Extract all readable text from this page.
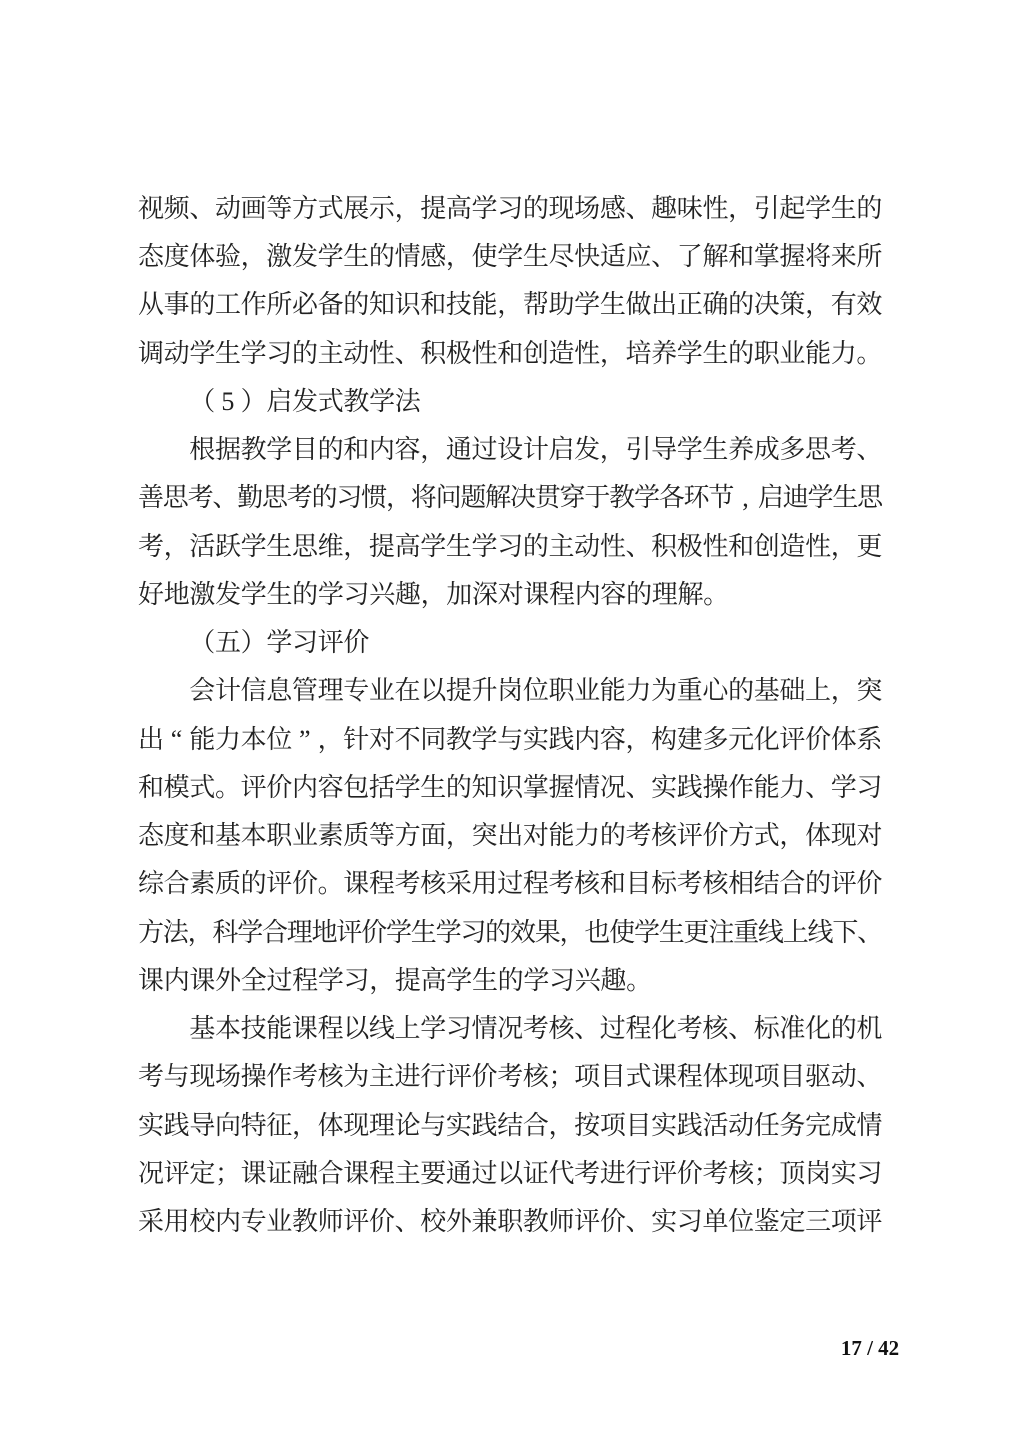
视 频 、 动 画 等 方 式 展 示 ， 提 高 学 习 的 现 场 感 、 趣 味 性 ， 引 起 学 生 的
态 度 体 验 ， 激 发 学 生 的 情 感 ， 使 学 生 尽 快 适 应 、 了 解 和 掌 握 将 来 所
从 事 的 工 作 所 必 备 的 知 识 和 技 能 ， 帮 助 学 生 做 出 正 确 的 决 策 ， 有 效
调 动 学 生 学 习 的 主 动 性 、 积 极 性 和 创 造 性 ， 培 养 学 生 的 职 业 能 力 。
（ 5 ） 启 发 式 教 学 法
根 据 教 学 目 的 和 内 容 ， 通 过 设 计 启 发 ， 引 导 学 生 养 成 多 思 考 、
善
思
考
、
勤
思
考
的
习
惯
，
将
问
题
解
决
贯
穿
于
教
学
各
环
节 , 启
迪
学
生
思
考 ， 活 跃 学 生 思 维 ， 提 高 学 生 学 习 的 主 动 性 、 积 极 性 和 创 造 性 ， 更
好 地 激 发 学 生 的 学 习 兴 趣 ， 加 深 对 课 程 内 容 的 理 解 。
（ 五 ） 学 习 评 价
会 计 信 息 管 理 专 业 在 以 提 升 岗 位 职 业 能 力 为 重 心 的 基 础 上 ， 突
出 “ 能 力 本 位 ” ， 针 对 不 同 教 学 与 实 践 内 容 ， 构 建 多 元 化 评 价 体 系
和 模 式 。 评 价 内 容 包 括 学 生 的 知 识 掌 握 情 况 、 实 践 操 作 能 力 、 学 习
态 度 和 基 本 职 业 素 质 等 方 面 ， 突 出 对 能 力 的 考 核 评 价 方 式 ， 体 现 对
综 合 素 质 的 评 价 。 课 程 考 核 采 用 过 程 考 核 和 目 标 考 核 相 结 合 的 评 价
方
法
，
科
学
合
理
地
评
价
学
生
学
习
的
效
果
，
也
使
学
生
更
注
重
线
上
线
下
、
课 内 课 外 全 过 程 学 习 ， 提 高 学 生 的 学 习 兴 趣 。
基 本 技 能 课 程 以 线 上 学 习 情 况 考 核 、 过 程 化 考 核 、 标 准 化 的 机
考 与 现 场 操 作 考 核 为 主 进 行 评 价 考 核 ； 项 目 式 课 程 体 现 项 目 驱 动 、
实 践 导 向 特 征 ， 体 现 理 论 与 实 践 结 合 ， 按 项 目 实 践 活 动 任 务 完 成 情
况 评 定 ； 课 证 融 合 课 程 主 要 通 过 以 证 代 考 进 行 评 价 考 核 ； 顶 岗 实 习
采 用 校 内 专 业 教 师 评 价 、 校 外 兼 职 教 师 评 价 、 实 习 单 位 鉴 定 三 项 评
17 / 42
